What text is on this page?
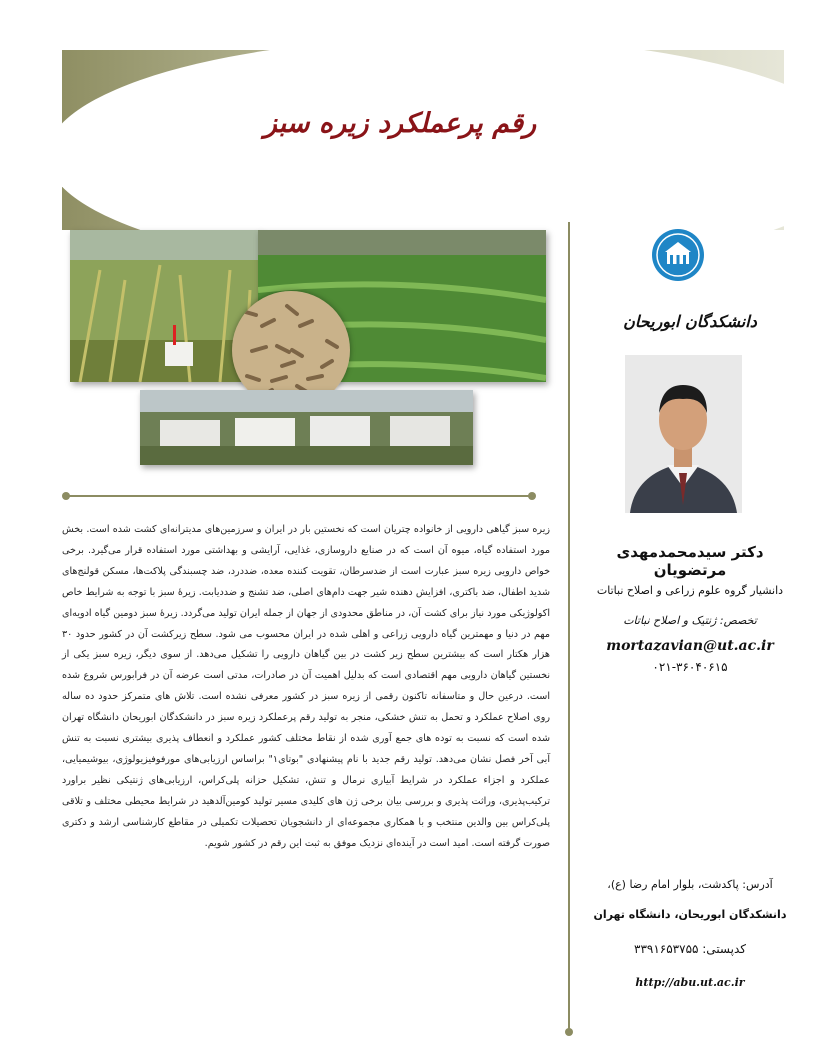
رقم پرعملکرد زیره سبز
دانشکدگان ابوریحان
دکتر سیدمحمدمهدی مرتضویان
دانشیار گروه علوم زراعی و اصلاح نباتات
تخصص: ژنتیک و اصلاح نباتات
mortazavian@ut.ac.ir
۰۲۱-۳۶۰۴۰۶۱۵
آدرس: پاکدشت، بلوار امام رضا (ع)،
دانشکدگان ابوریحان، دانشگاه تهران
کدپستی: ۳۳۹۱۶۵۳۷۵۵
http://abu.ut.ac.ir
زیره سبز گیاهی دارویی از خانواده چتریان است که نخستین بار در ایران و سرزمین‌های مدیترانه‌ای کشت شده است. بخش مورد استفاده گیاه، میوه آن است که در صنایع داروسازی، غذایی، آرایشی و بهداشتی مورد استفاده قرار می‌گیرد. برخی خواص دارویی زیره سبز عبارت است از ضدسرطان، تقویت کننده معده، ضددرد، ضد چسبندگی پلاکت‌ها، مسکن قولنج‌های شدید اطفال، ضد باکتری، افزایش دهنده شیر جهت دام‌های اصلی، ضد تشنج و ضددیابت. زیرهٔ سبز با توجه به شرایط خاص اکولوژیکی مورد نیاز برای کشت آن، در مناطق محدودی از جهان از جمله ایران تولید می‌گردد. زیرهٔ سبز دومین گیاه ادویه‌ای مهم در دنیا و مهمترین گیاه دارویی زراعی و اهلی شده در ایران محسوب می شود. سطح زیرکشت آن در کشور حدود ۳۰ هزار هکتار است که بیشترین سطح زیر کشت در بین گیاهان دارویی را تشکیل می‌دهد. از سوی دیگر، زیره سبز یکی از نخستین گیاهان دارویی مهم اقتصادی است که بدلیل اهمیت آن در صادرات، مدتی است عرضه آن در فرابورس شروع شده است. درعین حال و متاسفانه تاکنون رقمی از زیره سبز در کشور معرفی نشده است. تلاش های متمرکز حدود ده ساله روی اصلاح عملکرد و تحمل به تنش خشکی، منجر به تولید رقم پرعملکرد زیره سبز در دانشکدگان ابوریحان دانشگاه تهران شده است که نسبت به توده های جمع آوری شده از نقاط مختلف کشور عملکرد و انعطاف پذیری بیشتری نسبت به تنش آبی آخر فصل نشان می‌دهد. تولید رقم جدید با نام پیشنهادی "بوتای۱" براساس ارزیابی‌های مورفوفیزیولوژی، بیوشیمیایی، عملکرد و اجزاء عملکرد در شرایط آبیاری نرمال و تنش، تشکیل حزانه پلی‌کراس، ارزیابی‌های ژنتیکی نظیر براورد ترکیب‌پذیری، وراثت پذیری و بررسی بیان برخی ژن های کلیدی مسیر تولید کومین‌آلدهید در شرایط محیطی مختلف و تلاقی پلی‌کراس بین والدین منتخب و با همکاری مجموعه‌ای از دانشجویان تحصیلات تکمیلی در مقاطع کارشناسی ارشد و دکتری صورت گرفته است. امید است در آینده‌ای نزدیک موفق به ثبت این رقم در کشور شویم.
